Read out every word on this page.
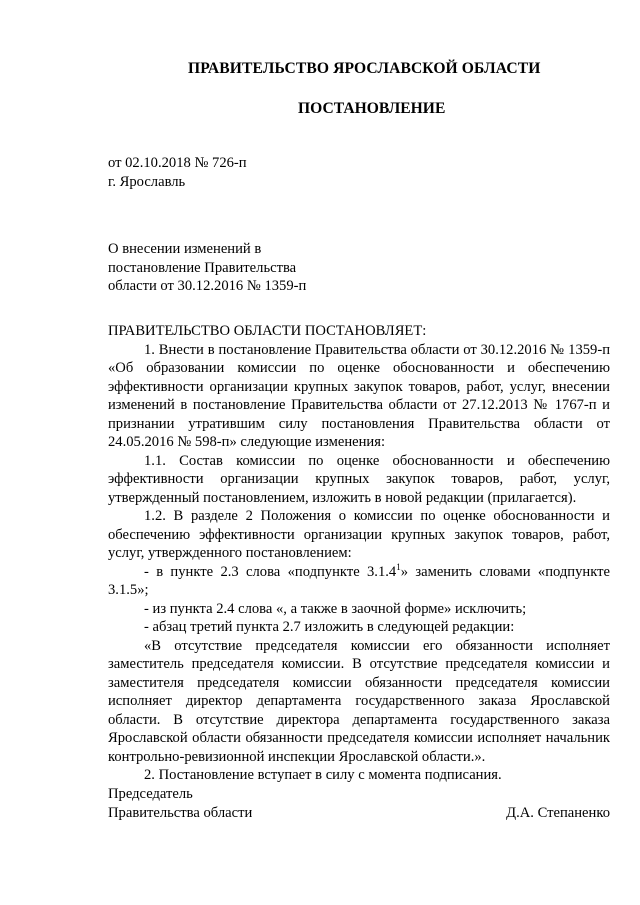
ПРАВИТЕЛЬСТВО ЯРОСЛАВСКОЙ ОБЛАСТИ
ПОСТАНОВЛЕНИЕ
от 02.10.2018 № 726-п
г. Ярославль
О внесении изменений в
постановление Правительства
области от 30.12.2016 № 1359-п
ПРАВИТЕЛЬСТВО ОБЛАСТИ ПОСТАНОВЛЯЕТ:

1. Внести в постановление Правительства области от 30.12.2016 № 1359-п «Об образовании комиссии по оценке обоснованности и обеспечению эффективности организации крупных закупок товаров, работ, услуг, внесении изменений в постановление Правительства области от 27.12.2013 № 1767-п и признании утратившим силу постановления Правительства области от 24.05.2016 № 598-п» следующие изменения:

1.1. Состав комиссии по оценке обоснованности и обеспечению эффективности организации крупных закупок товаров, работ, услуг, утвержденный постановлением, изложить в новой редакции (прилагается).

1.2. В разделе 2 Положения о комиссии по оценке обоснованности и обеспечению эффективности организации крупных закупок товаров, работ, услуг, утвержденного постановлением:

- в пункте 2.3 слова «подпункте 3.1.4$^1$» заменить словами «подпункте 3.1.5»;

- из пункта 2.4 слова «, а также в заочной форме» исключить;

- абзац третий пункта 2.7 изложить в следующей редакции:

«В отсутствие председателя комиссии его обязанности исполняет заместитель председателя комиссии. В отсутствие председателя комиссии и заместителя председателя комиссии обязанности председателя комиссии исполняет директор департамента государственного заказа Ярославской области. В отсутствие директора департамента государственного заказа Ярославской области обязанности председателя комиссии исполняет начальник контрольно-ревизионной инспекции Ярославской области.».

2. Постановление вступает в силу с момента подписания.

Председатель
Правительства области	Д.А. Степаненко
